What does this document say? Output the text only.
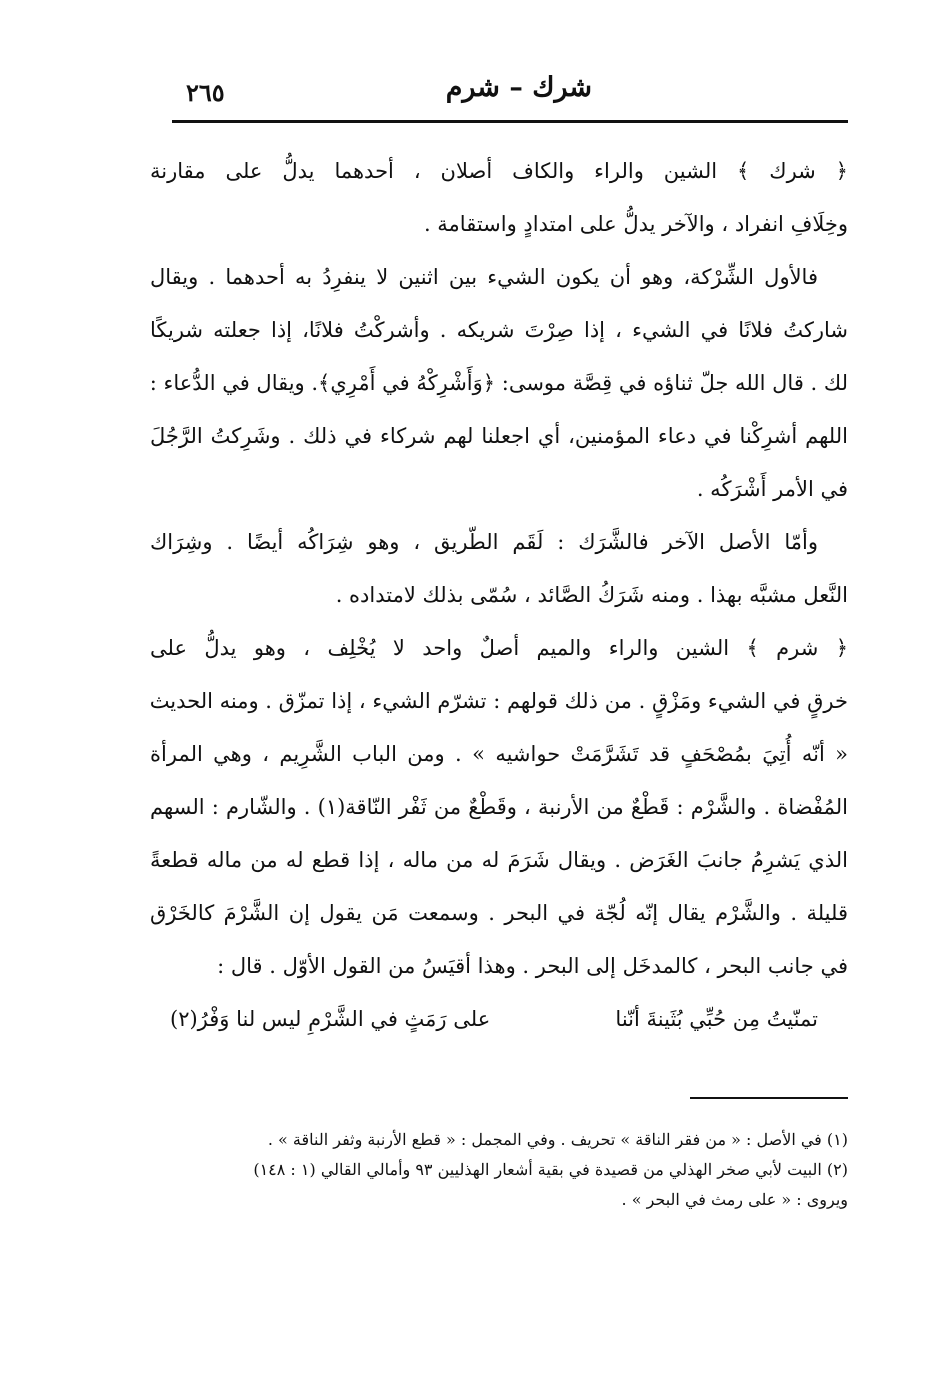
شرك – شرم
٢٦٥
﴿ شرك ﴾ الشين والراء والكاف أصلان ، أحدهما يدلُّ على مقارنة
وخِلَافِ انفراد ، والآخر يدلُّ على امتدادٍ واستقامة .
فالأول الشِّرْكة، وهو أن يكون الشيء بين اثنين لا ينفرِدُ به أحدهما . ويقال
شاركتُ فلانًا في الشيء ، إذا صِرْتَ شريكه . وأشركْتُ فلانًا، إذا جعلته شريكًا
لك . قال الله جلّ ثناؤه في قِصَّة موسى: ﴿وَأَشْرِكْهُ في أَمْرِي﴾. ويقال في الدُّعاء :
اللهم أشرِكْنا في دعاء المؤمنين، أي اجعلنا لهم شركاء في ذلك . وشَرِكتُ الرَّجُلَ
في الأمر أَشْرَكُه .
وأمّا الأصل الآخر فالشَّرَك : لَقَم الطّريق ، وهو شِرَاكُه أيضًا . وشِرَاك
النَّعل مشبَّه بهذا . ومنه شَرَكُ الصَّائد ، سُمّى بذلك لامتداده .
﴿ شرم ﴾ الشين والراء والميم أصلٌ واحد لا يُخْلِف ، وهو يدلُّ على
خرقٍ في الشيء ومَزْقٍ . من ذلك قولهم : تشرّم الشيء ، إذا تمزّق . ومنه الحديث
« أنّه أُتِيَ بمُصْحَفٍ قد تَشَرَّمَتْ حواشيه » . ومن الباب الشَّرِيم ، وهي المرأة
المُفْضاة . والشَّرْم : قَطْعٌ من الأرنبة ، وقَطْعٌ من ثَفْر النّاقة(١) . والشّارم : السهم
الذي يَشرِمُ جانبَ الغَرَض . ويقال شَرَمَ له من ماله ، إذا قطع له من ماله قطعةً
قليلة . والشَّرْم يقال إنّه لُجّة في البحر . وسمعت مَن يقول إن الشَّرْمَ كالخَرْق
في جانب البحر ، كالمدخَل إلى البحر . وهذا أقيَسُ من القول الأوّل . قال :
تمنّيتُ مِن حُبِّي بُثَينةَ أنّنا
على رَمَثٍ في الشَّرْمِ ليس لنا وَفْرُ(٢)
(١) في الأصل : « من فقر الناقة » تحريف . وفي المجمل : « قطع الأرنبة وثفر الناقة » .
(٢) البيت لأبي صخر الهذلي من قصيدة في بقية أشعار الهذليين ٩٣ وأمالي القالي (١ : ١٤٨)
ويروى : « على رمث في البحر » .
